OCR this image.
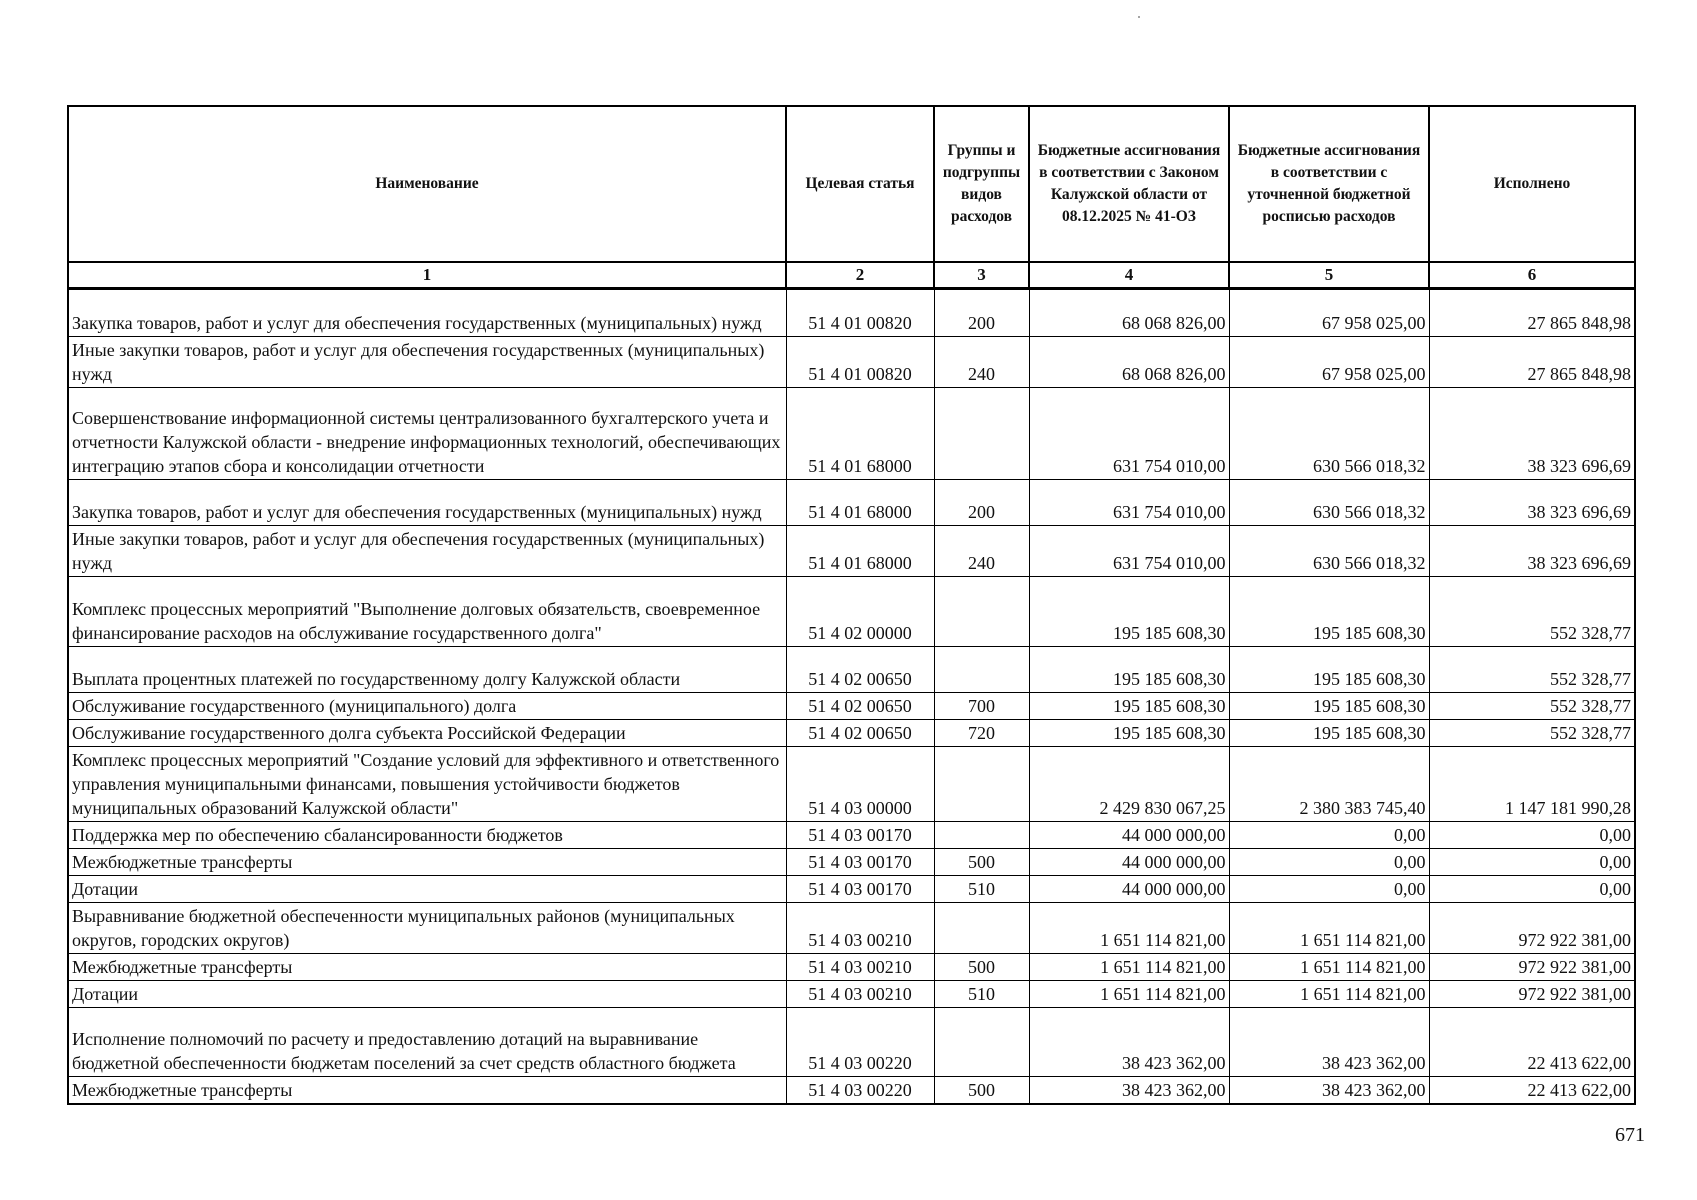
Наименование	Целевая статья	Группы и подгруппы видов расходов	Бюджетные ассигнования в соответствии с Законом Калужской области от 08.12.2025 № 41-ОЗ	Бюджетные ассигнования в соответствии с уточненной бюджетной росписью расходов	Исполнено
1	2	3	4	5	6
Закупка товаров, работ и услуг для обеспечения государственных (муниципальных) нужд	51 4 01 00820	200	68 068 826,00	67 958 025,00	27 865 848,98
Иные закупки товаров, работ и услуг для обеспечения государственных (муниципальных) нужд	51 4 01 00820	240	68 068 826,00	67 958 025,00	27 865 848,98
Совершенствование информационной системы централизованного бухгалтерского учета и отчетности Калужской области - внедрение информационных технологий, обеспечивающих интеграцию этапов сбора и консолидации отчетности	51 4 01 68000		631 754 010,00	630 566 018,32	38 323 696,69
Закупка товаров, работ и услуг для обеспечения государственных (муниципальных) нужд	51 4 01 68000	200	631 754 010,00	630 566 018,32	38 323 696,69
Иные закупки товаров, работ и услуг для обеспечения государственных (муниципальных) нужд	51 4 01 68000	240	631 754 010,00	630 566 018,32	38 323 696,69
Комплекс процессных мероприятий "Выполнение долговых обязательств, своевременное финансирование расходов на обслуживание государственного долга"	51 4 02 00000		195 185 608,30	195 185 608,30	552 328,77
Выплата процентных платежей по государственному долгу Калужской области	51 4 02 00650		195 185 608,30	195 185 608,30	552 328,77
Обслуживание государственного (муниципального) долга	51 4 02 00650	700	195 185 608,30	195 185 608,30	552 328,77
Обслуживание государственного долга субъекта Российской Федерации	51 4 02 00650	720	195 185 608,30	195 185 608,30	552 328,77
Комплекс процессных мероприятий "Создание условий для эффективного и ответственного управления муниципальными финансами, повышения устойчивости бюджетов муниципальных образований Калужской области"	51 4 03 00000		2 429 830 067,25	2 380 383 745,40	1 147 181 990,28
Поддержка мер по обеспечению сбалансированности бюджетов	51 4 03 00170		44 000 000,00	0,00	0,00
Межбюджетные трансферты	51 4 03 00170	500	44 000 000,00	0,00	0,00
Дотации	51 4 03 00170	510	44 000 000,00	0,00	0,00
Выравнивание бюджетной обеспеченности муниципальных районов (муниципальных округов, городских округов)	51 4 03 00210		1 651 114 821,00	1 651 114 821,00	972 922 381,00
Межбюджетные трансферты	51 4 03 00210	500	1 651 114 821,00	1 651 114 821,00	972 922 381,00
Дотации	51 4 03 00210	510	1 651 114 821,00	1 651 114 821,00	972 922 381,00
Исполнение полномочий по расчету и предоставлению дотаций на выравнивание бюджетной обеспеченности бюджетам поселений за счет средств областного бюджета	51 4 03 00220		38 423 362,00	38 423 362,00	22 413 622,00
Межбюджетные трансферты	51 4 03 00220	500	38 423 362,00	38 423 362,00	22 413 622,00
671
